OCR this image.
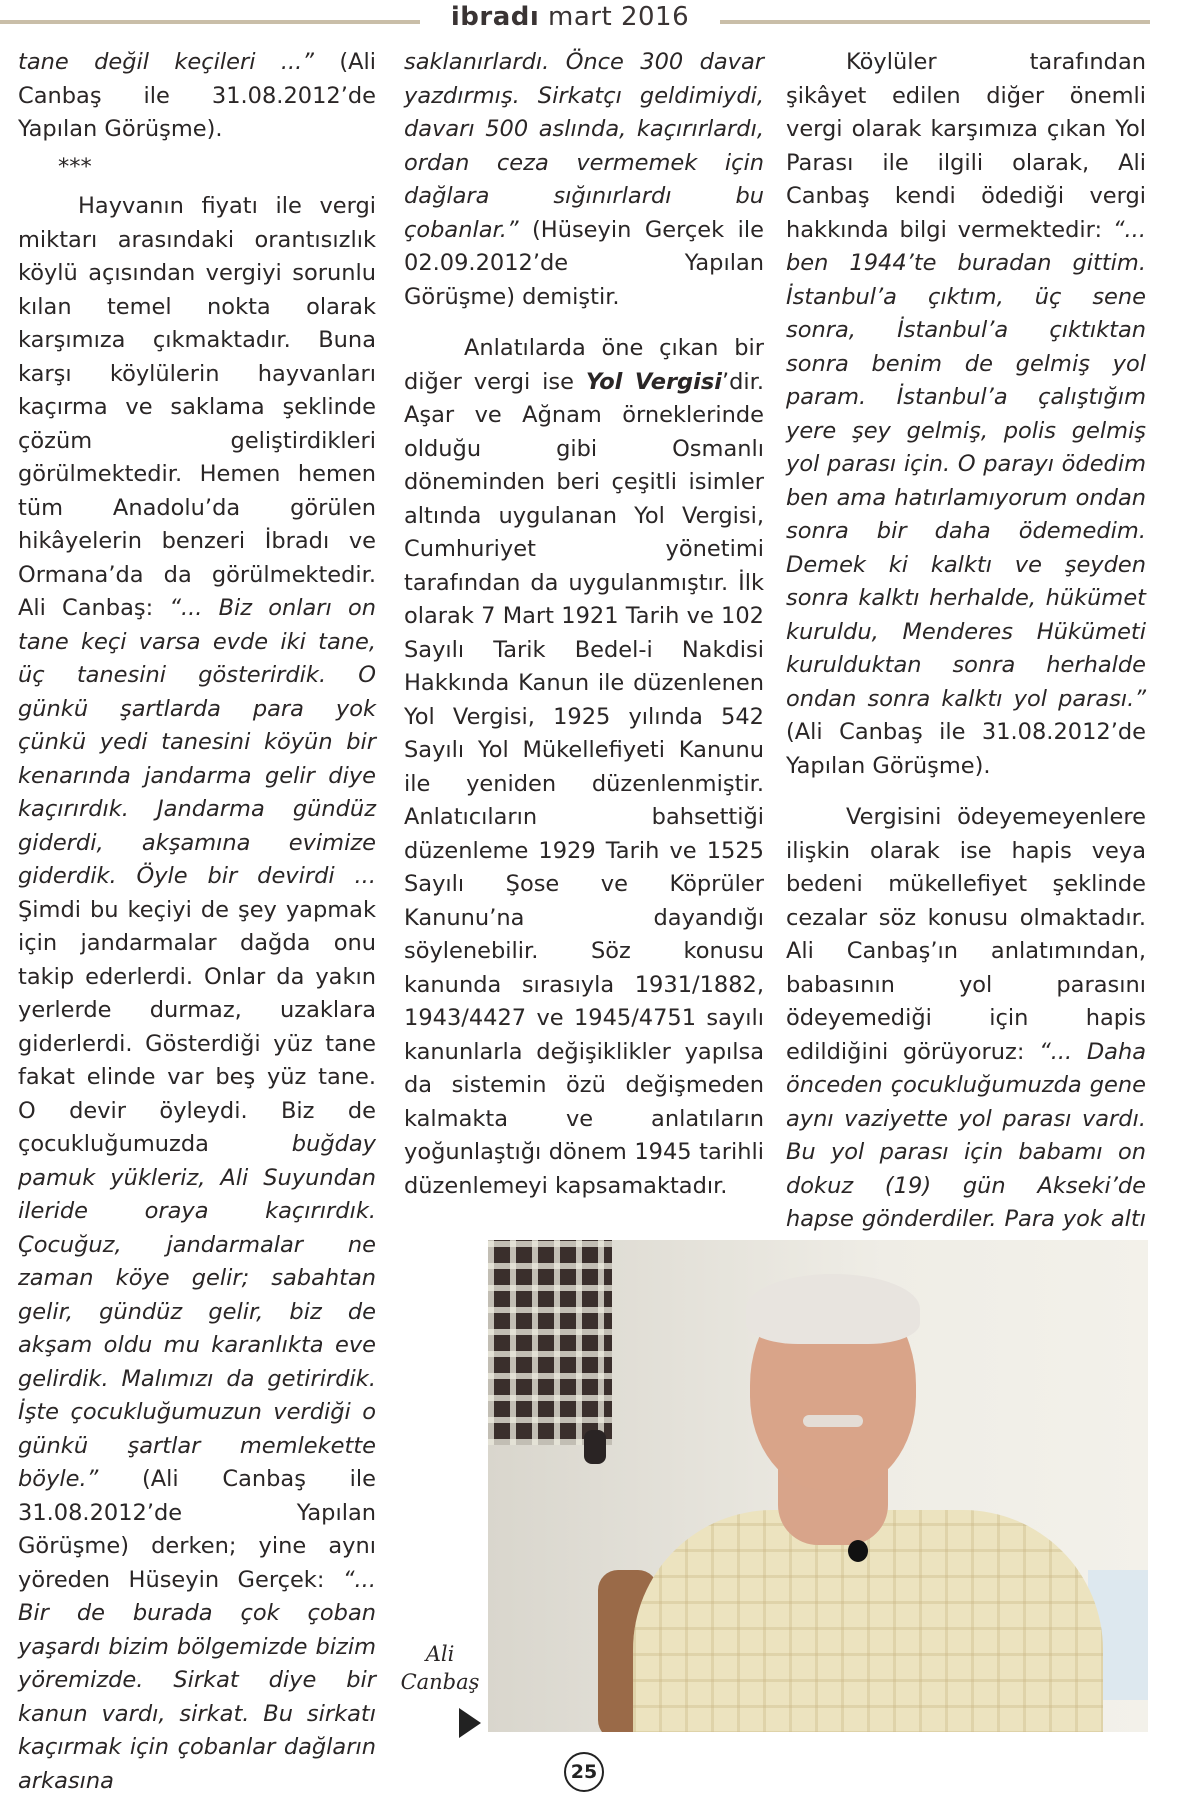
ibradı mart 2016

tane değil keçileri ...” (Ali Canbaş ile 31.08.2012’de Yapılan Görüşme).

***

Hayvanın fiyatı ile vergi miktarı arasındaki orantısızlık köylü açısından vergiyi sorunlu kılan temel nokta olarak karşımıza çıkmaktadır. Buna karşı köylülerin hayvanları kaçırma ve saklama şeklinde çözüm geliştirdikleri görülmektedir. Hemen hemen tüm Anadolu’da görülen hikâyelerin benzeri İbradı ve Ormana’da da görülmektedir. Ali Canbaş: “... Biz onları on tane keçi varsa evde iki tane, üç tanesini gösterirdik. O günkü şartlarda para yok çünkü yedi tanesini köyün bir kenarında jandarma gelir diye kaçırırdık. Jandarma gündüz giderdi, akşamına evimize giderdik. Öyle bir devirdi ... Şimdi bu keçiyi de şey yapmak için jandarmalar dağda onu takip ederlerdi. Onlar da yakın yerlerde durmaz, uzaklara giderlerdi. Gösterdiği yüz tane fakat elinde var beş yüz tane. O devir öyleydi. Biz de çocukluğumuzda buğday pamuk yükleriz, Ali Suyundan ileride oraya kaçırırdık. Çocuğuz, jandarmalar ne zaman köye gelir; sabahtan gelir, gündüz gelir, biz de akşam oldu mu karanlıkta eve gelirdik. Malımızı da getirirdik. İşte çocukluğumuzun verdiği o günkü şartlar memlekette böyle.” (Ali Canbaş ile 31.08.2012’de Yapılan Görüşme) derken; yine aynı yöreden Hüseyin Gerçek: “... Bir de burada çok çoban yaşardı bizim bölgemizde bizim yöremizde. Sirkat diye bir kanun vardı, sirkat. Bu sirkatı kaçırmak için çobanlar dağların arkasına

saklanırlardı. Önce 300 davar yazdırmış. Sirkatçı geldimiydi, davarı 500 aslında, kaçırırlardı, ordan ceza vermemek için dağlara sığınırlardı bu çobanlar.” (Hüseyin Gerçek ile 02.09.2012’de Yapılan Görüşme) demiştir.

Anlatılarda öne çıkan bir diğer vergi ise Yol Vergisi’dir. Aşar ve Ağnam örneklerinde olduğu gibi Osmanlı döneminden beri çeşitli isimler altında uygulanan Yol Vergisi, Cumhuriyet yönetimi tarafından da uygulanmıştır. İlk olarak 7 Mart 1921 Tarih ve 102 Sayılı Tarik Bedel-i Nakdisi Hakkında Kanun ile düzenlenen Yol Vergisi, 1925 yılında 542 Sayılı Yol Mükellefiyeti Kanunu ile yeniden düzenlenmiştir. Anlatıcıların bahsettiği düzenleme 1929 Tarih ve 1525 Sayılı Şose ve Köprüler Kanunu’na dayandığı söylenebilir. Söz konusu kanunda sırasıyla 1931/1882, 1943/4427 ve 1945/4751 sayılı kanunlarla değişiklikler yapılsa da sistemin özü değişmeden kalmakta ve anlatıların yoğunlaştığı dönem 1945 tarihli düzenlemeyi kapsamaktadır.

Köylüler tarafından şikâyet edilen diğer önemli vergi olarak karşımıza çıkan Yol Parası ile ilgili olarak, Ali Canbaş kendi ödediği vergi hakkında bilgi vermektedir: “... ben 1944’te buradan gittim. İstanbul’a çıktım, üç sene sonra, İstanbul’a çıktıktan sonra benim de gelmiş yol param. İstanbul’a çalıştığım yere şey gelmiş, polis gelmiş yol parası için. O parayı ödedim ben ama hatırlamıyorum ondan sonra bir daha ödemedim. Demek ki kalktı ve şeyden sonra kalktı herhalde, hükümet kuruldu, Menderes Hükümeti kurulduktan sonra herhalde ondan sonra kalktı yol parası.” (Ali Canbaş ile 31.08.2012’de Yapılan Görüşme).

Vergisini ödeyemeyenlere ilişkin olarak ise hapis veya bedeni mükellefiyet şeklinde cezalar söz konusu olmaktadır. Ali Canbaş’ın anlatımından, babasının yol parasını ödeyemediği için hapis edildiğini görüyoruz: “... Daha önceden çocukluğumuzda gene aynı vaziyette yol parası vardı. Bu yol parası için babamı on dokuz (19) gün Akseki’de hapse gönderdiler. Para yok altı

Ali
Canbaş
25
